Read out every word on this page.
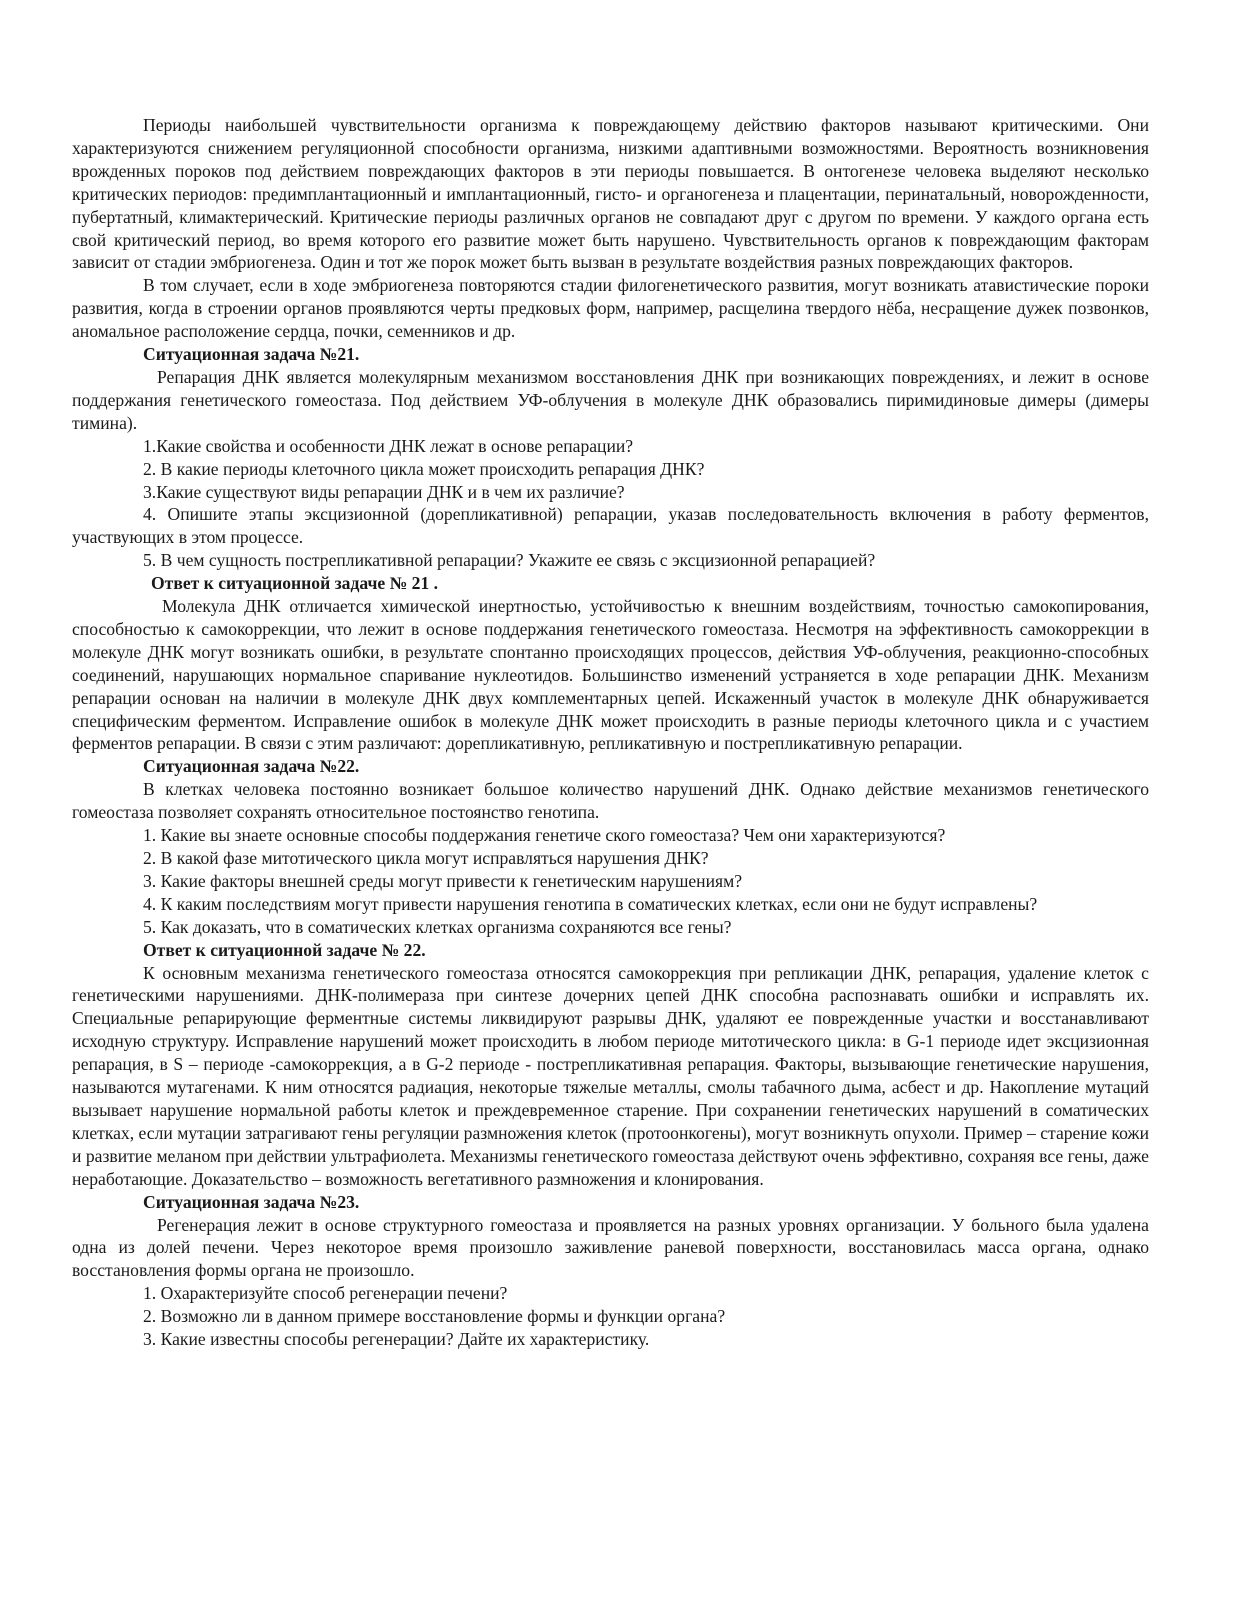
Периоды наибольшей чувствительности организма к повреждающему действию факторов называют критическими. Они характеризуются снижением регуляционной способности организма, низкими адаптивными возможностями. Вероятность возникновения врожденных пороков под действием повреждающих факторов в эти периоды повышается. В онтогенезе человека выделяют несколько критических периодов: предимплантационный и имплантационный, гисто- и органогенеза и плацентации, перинатальный, новорожденности, пубертатный, климактерический. Критические периоды различных органов не совпадают друг с другом по времени. У каждого органа есть свой критический период, во время которого его развитие может быть нарушено. Чувствительность органов к повреждающим факторам зависит от стадии эмбриогенеза. Один и тот же порок может быть вызван в результате воздействия разных повреждающих факторов.

В том случает, если в ходе эмбриогенеза повторяются стадии филогенетического развития, могут возникать атавистические пороки развития, когда в строении органов проявляются черты предковых форм, например, расщелина твердого нёба, несращение дужек позвонков, аномальное расположение сердца, почки, семенников и др.

Ситуационная задача №21.

Репарация ДНК является молекулярным механизмом восстановления ДНК при возникающих повреждениях, и лежит в основе поддержания генетического гомеостаза. Под действием УФ-облучения в молекуле ДНК образовались пиримидиновые димеры (димеры тимина).

1.Какие свойства и особенности ДНК лежат в основе репарации?

2. В какие периоды клеточного цикла может происходить репарация ДНК?

3.Какие существуют виды репарации ДНК и в чем их различие?

4. Опишите этапы эксцизионной (дорепликативной) репарации, указав последовательность включения в работу ферментов, участвующих в этом процессе.

5. В чем сущность пострепликативной репарации? Укажите ее связь с эксцизионной репарацией?

Ответ к ситуационной задаче № 21 .

Молекула ДНК отличается химической инертностью, устойчивостью к внешним воздействиям, точностью самокопирования, способностью к самокоррекции, что лежит в основе поддержания генетического гомеостаза. Несмотря на эффективность самокоррекции в молекуле ДНК могут возникать ошибки, в результате спонтанно происходящих процессов, действия УФ-облучения, реакционно-способных соединений, нарушающих нормальное спаривание нуклеотидов. Большинство изменений устраняется в ходе репарации ДНК. Механизм репарации основан на наличии в молекуле ДНК двух комплементарных цепей. Искаженный участок в молекуле ДНК обнаруживается специфическим ферментом. Исправление ошибок в молекуле ДНК может происходить в разные периоды клеточного цикла и с участием ферментов репарации. В связи с этим различают: дорепликативную, репликативную и пострепликативную репарации.

Ситуационная задача №22.

В клетках человека постоянно возникает большое количество нарушений ДНК. Однако действие механизмов генетического гомеостаза позволяет сохранять относительное постоянство генотипа.

1. Какие вы знаете основные способы поддержания генетиче ского гомеостаза? Чем они характеризуются?

2. В какой фазе митотического цикла могут исправляться нарушения ДНК?

3. Какие факторы внешней среды могут привести к генетическим нарушениям?

4. К каким последствиям могут привести нарушения генотипа в соматических клетках, если они не будут исправлены?

5. Как доказать, что в соматических клетках организма сохраняются все гены?

Ответ к ситуационной задаче № 22.

К основным механизма генетического гомеостаза относятся самокоррекция при репликации ДНК, репарация, удаление клеток с генетическими нарушениями. ДНК-полимераза при синтезе дочерних цепей ДНК способна распознавать ошибки и исправлять их. Специальные репарирующие ферментные системы ликвидируют разрывы ДНК, удаляют ее поврежденные участки и восстанавливают исходную структуру. Исправление нарушений может происходить в любом периоде митотического цикла: в G-1 периоде идет эксцизионная репарация, в S – периоде -самокоррекция, а в G-2 периоде - пострепликативная репарация. Факторы, вызывающие генетические нарушения, называются мутагенами. К ним относятся радиация, некоторые тяжелые металлы, смолы табачного дыма, асбест и др. Накопление мутаций вызывает нарушение нормальной работы клеток и преждевременное старение. При сохранении генетических нарушений в соматических клетках, если мутации затрагивают гены регуляции размножения клеток (протоонкогены), могут возникнуть опухоли. Пример – старение кожи и развитие меланом при действии ультрафиолета. Механизмы генетического гомеостаза действуют очень эффективно, сохраняя все гены, даже неработающие. Доказательство – возможность вегетативного размножения и клонирования.

Ситуационная задача №23.

Регенерация лежит в основе структурного гомеостаза и проявляется на разных уровнях организации. У больного была удалена одна из долей печени. Через некоторое время произошло заживление раневой поверхности, восстановилась масса органа, однако восстановления формы органа не произошло.

1. Охарактеризуйте способ регенерации печени?

2. Возможно ли в данном примере восстановление формы и функции органа?

3. Какие известны способы регенерации? Дайте их характеристику.
